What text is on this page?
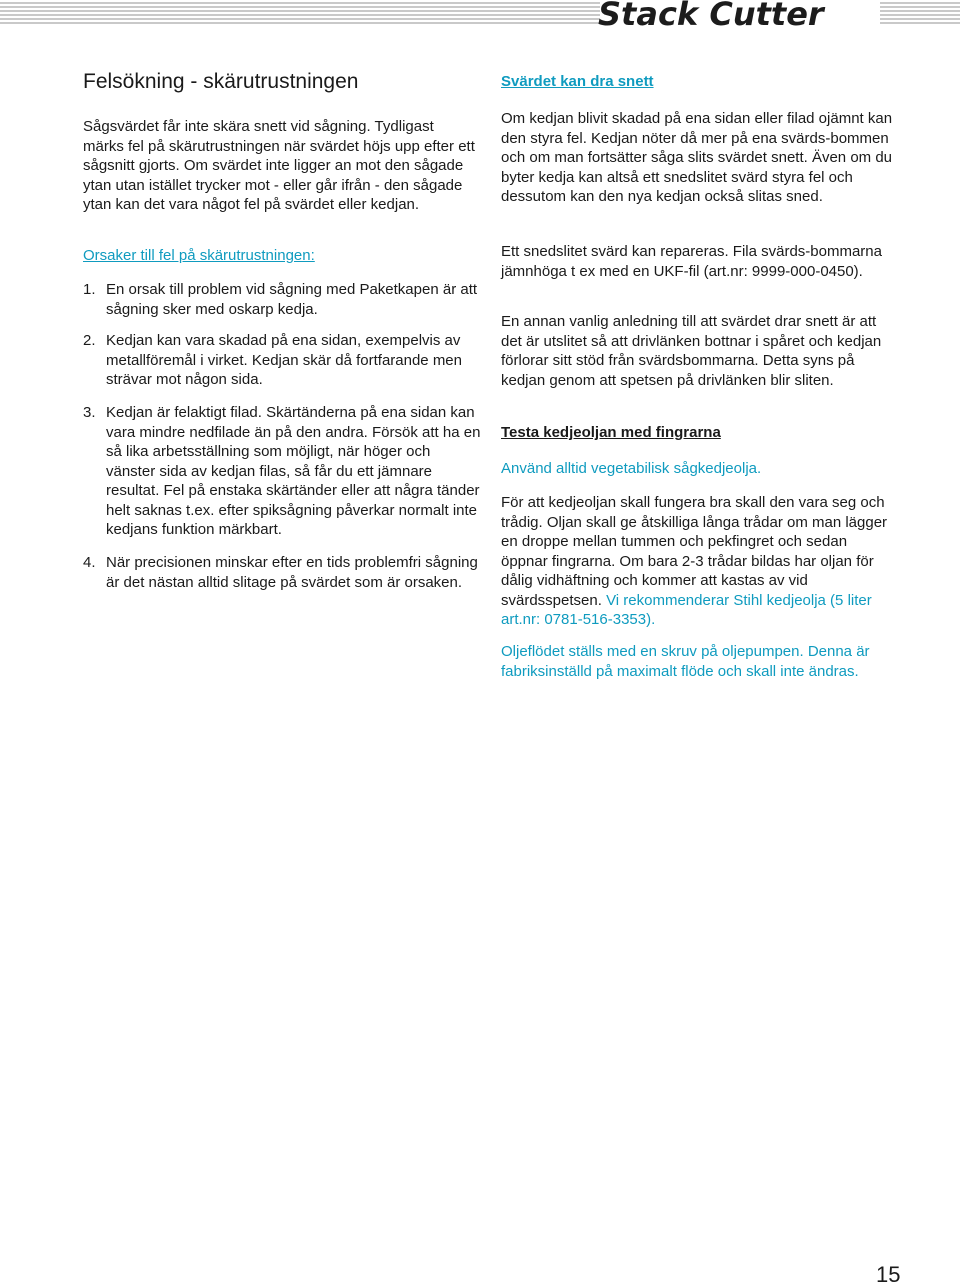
Stack Cutter
Felsökning - skärutrustningen

Sågsvärdet får inte skära snett vid sågning. Tydligast märks fel på skärutrustningen när svärdet höjs upp efter ett sågsnitt gjorts. Om svärdet inte ligger an mot den sågade ytan utan istället trycker mot - eller går ifrån - den sågade ytan kan det vara något fel på svärdet eller kedjan.

Orsaker till fel på skärutrustningen:

1. En orsak till problem vid sågning med Paketkapen är att sågning sker med oskarp kedja.
2. Kedjan kan vara skadad på ena sidan, exempelvis av metallföremål i virket. Kedjan skär då fortfarande men strävar mot någon sida.
3. Kedjan är felaktigt filad. Skärtänderna på ena sidan kan vara mindre nedfilade än på den andra. Försök att ha en så lika arbetsställning som möjligt, när höger och vänster sida av kedjan filas, så får du ett jämnare resultat. Fel på enstaka skärtänder eller att några tänder helt saknas t.ex. efter spiksågning påverkar normalt inte kedjans funktion märkbart.
4. När precisionen minskar efter en tids problemfri sågning är det nästan alltid slitage på svärdet som är orsaken.

Svärdet kan dra snett

Om kedjan blivit skadad på ena sidan eller filad ojämnt kan den styra fel. Kedjan nöter då mer på ena svärds-bommen och om man fortsätter såga slits svärdet snett. Även om du byter kedja kan altså ett snedslitet svärd styra fel och dessutom kan den nya kedjan också slitas sned.

Ett snedslitet svärd kan repareras. Fila svärds-bommarna jämnhöga t ex med en UKF-fil (art.nr: 9999-000-0450).

En annan vanlig anledning till att svärdet drar snett är att det är utslitet så att drivlänken bottnar i spåret och kedjan förlorar sitt stöd från svärdsbommarna. Detta syns på kedjan genom att spetsen på drivlänken blir sliten.

Testa kedjeoljan med fingrarna

Använd alltid vegetabilisk sågkedjeolja.

För att kedjeoljan skall fungera bra skall den vara seg och trådig. Oljan skall ge åtskilliga långa trådar om man lägger en droppe mellan tummen och pekfingret och sedan öppnar fingrarna. Om bara 2-3 trådar bildas har oljan för dålig vidhäftning och kommer att kastas av vid svärdsspetsen. Vi rekommenderar Stihl kedjeolja (5 liter art.nr: 0781-516-3353).

Oljeflödet ställs med en skruv på oljepumpen. Denna är fabriksinställd på maximalt flöde och skall inte ändras.

15
